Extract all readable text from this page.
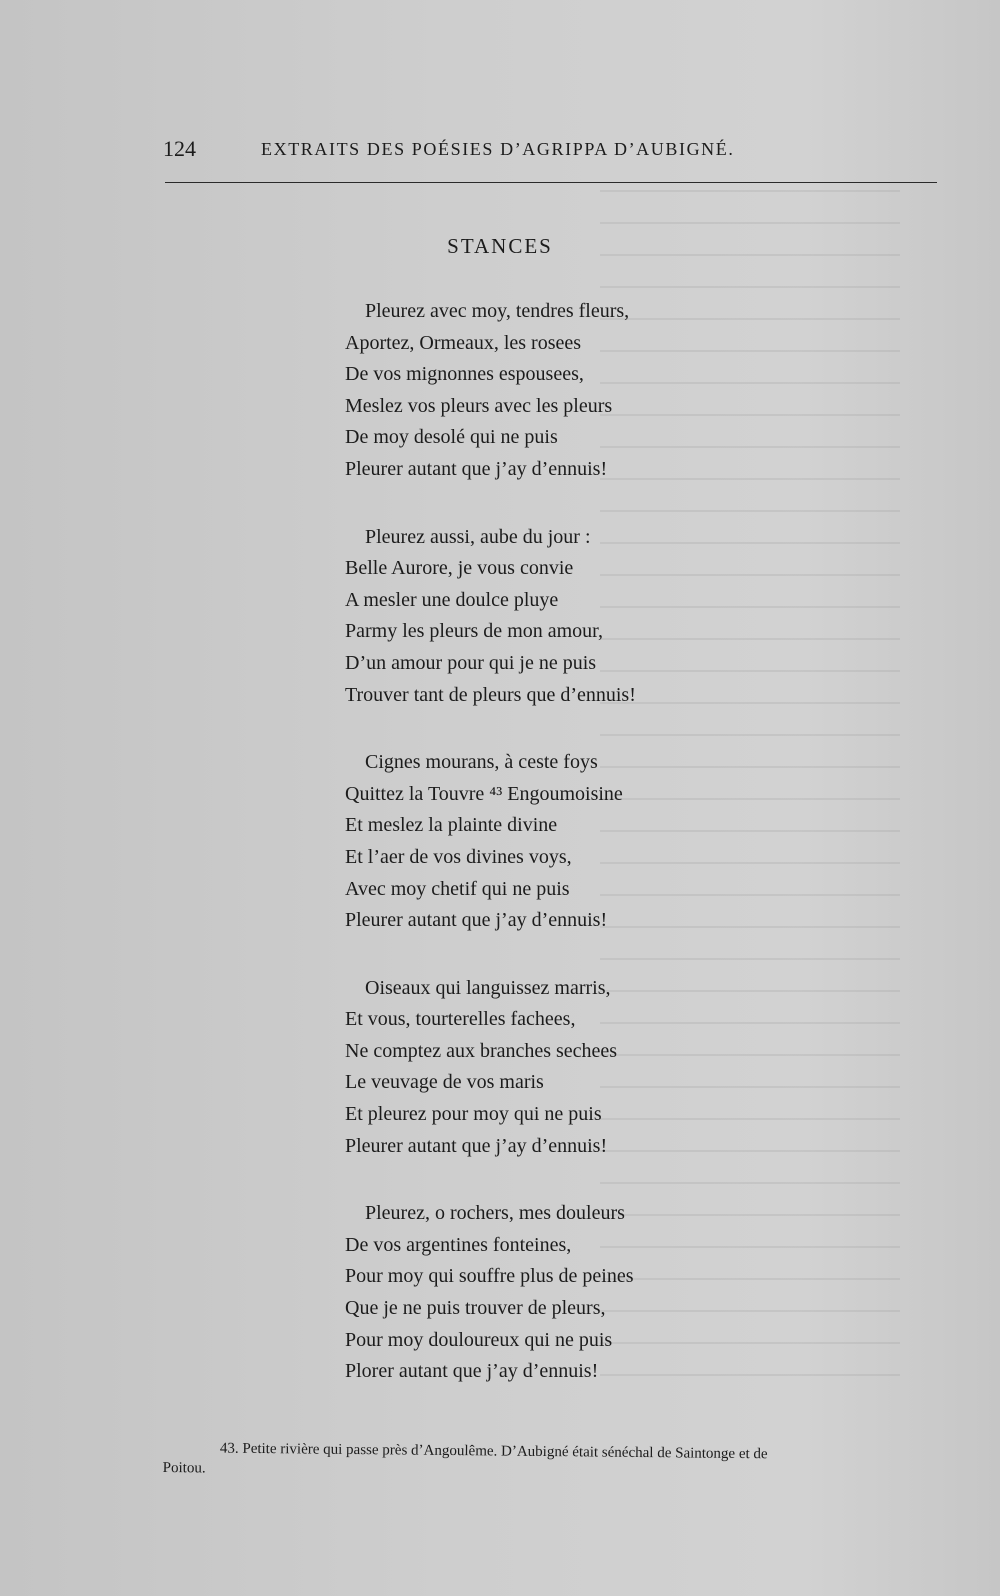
124	EXTRAITS DES POÉSIES D’AGRIPPA D’AUBIGNÉ.
STANCES
Pleurez avec moy, tendres fleurs,
Aportez, Ormeaux, les rosees
De vos mignonnes espousees,
Meslez vos pleurs avec les pleurs
De moy desolé qui ne puis
Pleurer autant que j’ay d’ennuis!
Pleurez aussi, aube du jour :
Belle Aurore, je vous convie
A mesler une doulce pluye
Parmy les pleurs de mon amour,
D’un amour pour qui je ne puis
Trouver tant de pleurs que d’ennuis!
Cignes mourans, à ceste foys
Quittez la Touvre ⁴³ Engoumoisine
Et meslez la plainte divine
Et l’aer de vos divines voys,
Avec moy chetif qui ne puis
Pleurer autant que j’ay d’ennuis!
Oiseaux qui languissez marris,
Et vous, tourterelles fachees,
Ne comptez aux branches sechees
Le veuvage de vos maris
Et pleurez pour moy qui ne puis
Pleurer autant que j’ay d’ennuis!
Pleurez, o rochers, mes douleurs
De vos argentines fonteines,
Pour moy qui souffre plus de peines
Que je ne puis trouver de pleurs,
Pour moy douloureux qui ne puis
Plorer autant que j’ay d’ennuis!
43. Petite rivière qui passe près d’Angoulême. D’Aubigné était sénéchal de Saintonge et de
Poitou.
